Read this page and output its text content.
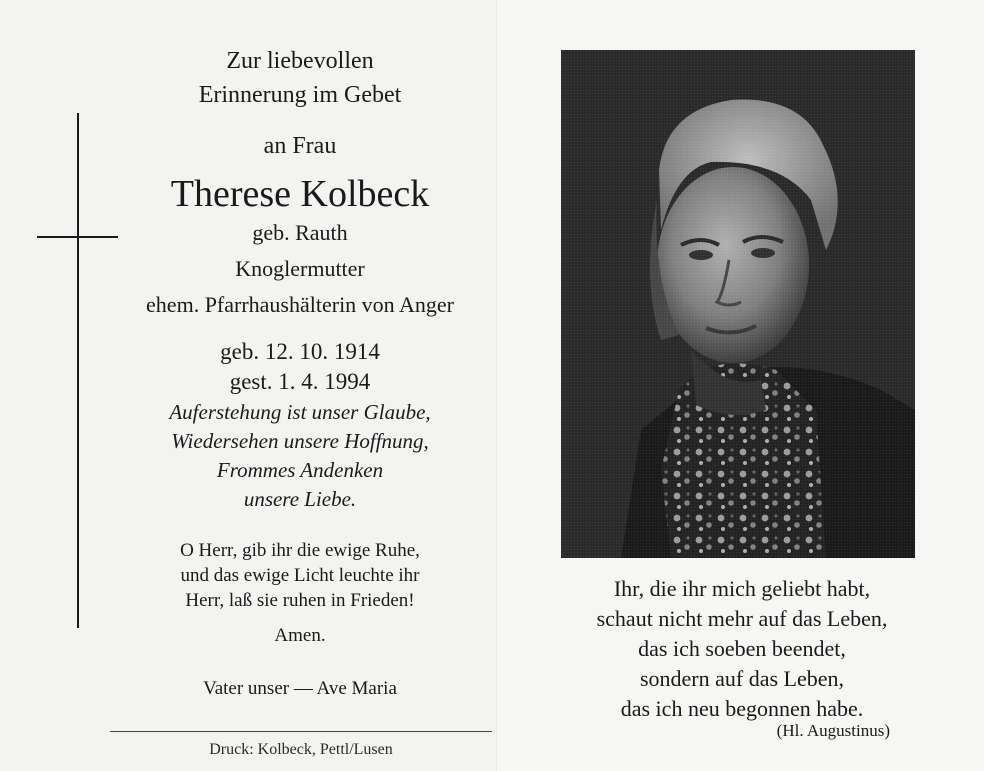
Zur liebevollen
Erinnerung im Gebet
an Frau
Therese Kolbeck
geb. Rauth
Knoglermutter
ehem. Pfarrhaushälterin von Anger
geb. 12. 10. 1914
gest. 1. 4. 1994
Auferstehung ist unser Glaube,
Wiedersehen unsere Hoffnung,
Frommes Andenken
unsere Liebe.
O Herr, gib ihr die ewige Ruhe,
und das ewige Licht leuchte ihr
Herr, laß sie ruhen in Frieden!
Amen.
Vater unser — Ave Maria
Druck: Kolbeck, Pettl/Lusen
Ihr, die ihr mich geliebt habt,
schaut nicht mehr auf das Leben,
das ich soeben beendet,
sondern auf das Leben,
das ich neu begonnen habe.
(Hl. Augustinus)
